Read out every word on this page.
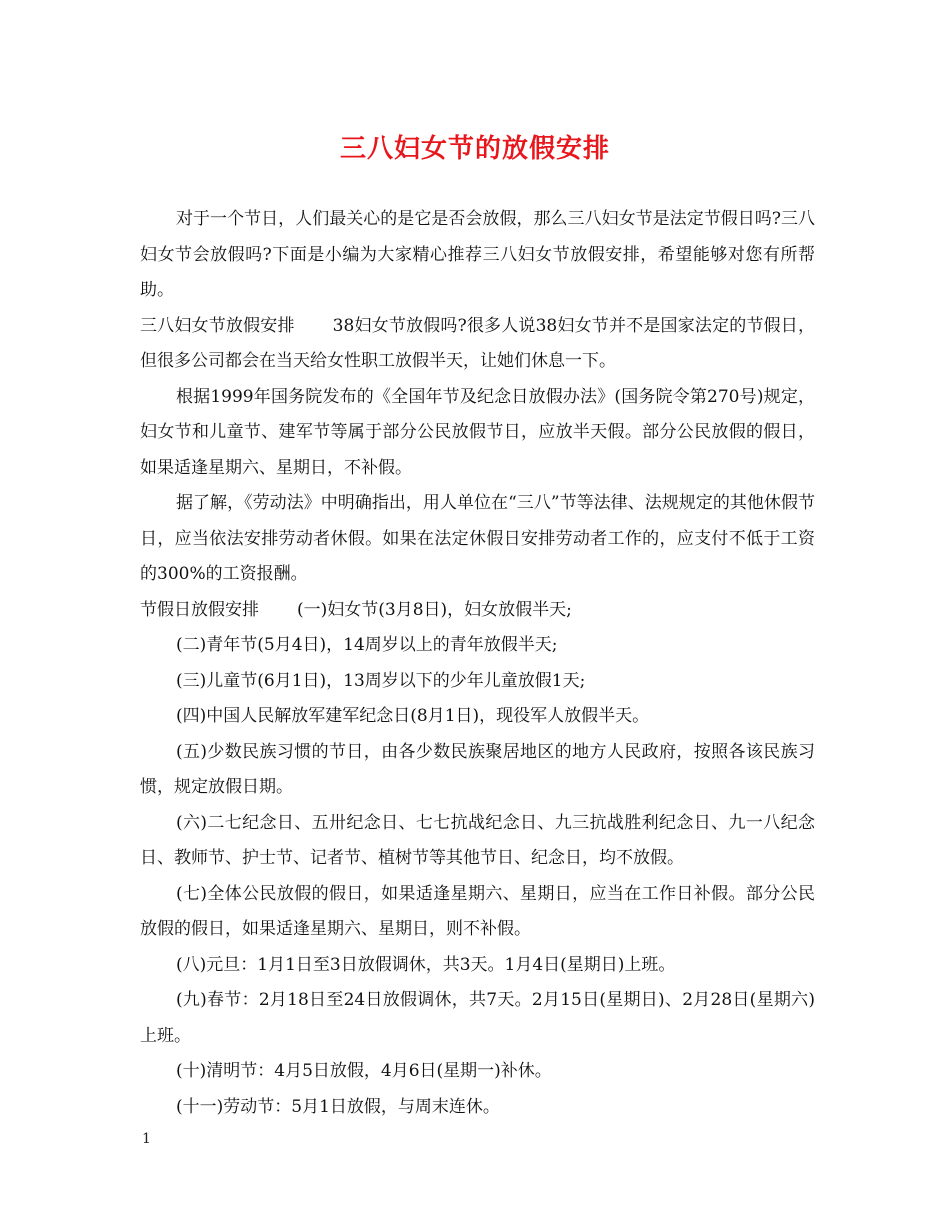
三八妇女节的放假安排

对于一个节日，人们最关心的是它是否会放假，那么三八妇女节是法定节假日吗?三八妇女节会放假吗?下面是小编为大家精心推荐三八妇女节放假安排，希望能够对您有所帮助。

三八妇女节放假安排 38妇女节放假吗?很多人说38妇女节并不是国家法定的节假日，但很多公司都会在当天给女性职工放假半天，让她们休息一下。

根据1999年国务院发布的《全国年节及纪念日放假办法》(国务院令第270号)规定，妇女节和儿童节、建军节等属于部分公民放假节日，应放半天假。部分公民放假的假日，如果适逢星期六、星期日，不补假。

据了解，《劳动法》中明确指出，用人单位在“三八”节等法律、法规规定的其他休假节日，应当依法安排劳动者休假。如果在法定休假日安排劳动者工作的，应支付不低于工资的300%的工资报酬。

节假日放假安排 (一)妇女节(3月8日)，妇女放假半天;

(二)青年节(5月4日)，14周岁以上的青年放假半天;

(三)儿童节(6月1日)，13周岁以下的少年儿童放假1天;

(四)中国人民解放军建军纪念日(8月1日)，现役军人放假半天。

(五)少数民族习惯的节日，由各少数民族聚居地区的地方人民政府，按照各该民族习惯，规定放假日期。

(六)二七纪念日、五卅纪念日、七七抗战纪念日、九三抗战胜利纪念日、九一八纪念日、教师节、护士节、记者节、植树节等其他节日、纪念日，均不放假。

(七)全体公民放假的假日，如果适逢星期六、星期日，应当在工作日补假。部分公民放假的假日，如果适逢星期六、星期日，则不补假。

(八)元旦：1月1日至3日放假调休，共3天。1月4日(星期日)上班。

(九)春节：2月18日至24日放假调休，共7天。2月15日(星期日)、2月28日(星期六)上班。

(十)清明节：4月5日放假，4月6日(星期一)补休。

(十一)劳动节：5月1日放假，与周末连休。

1
